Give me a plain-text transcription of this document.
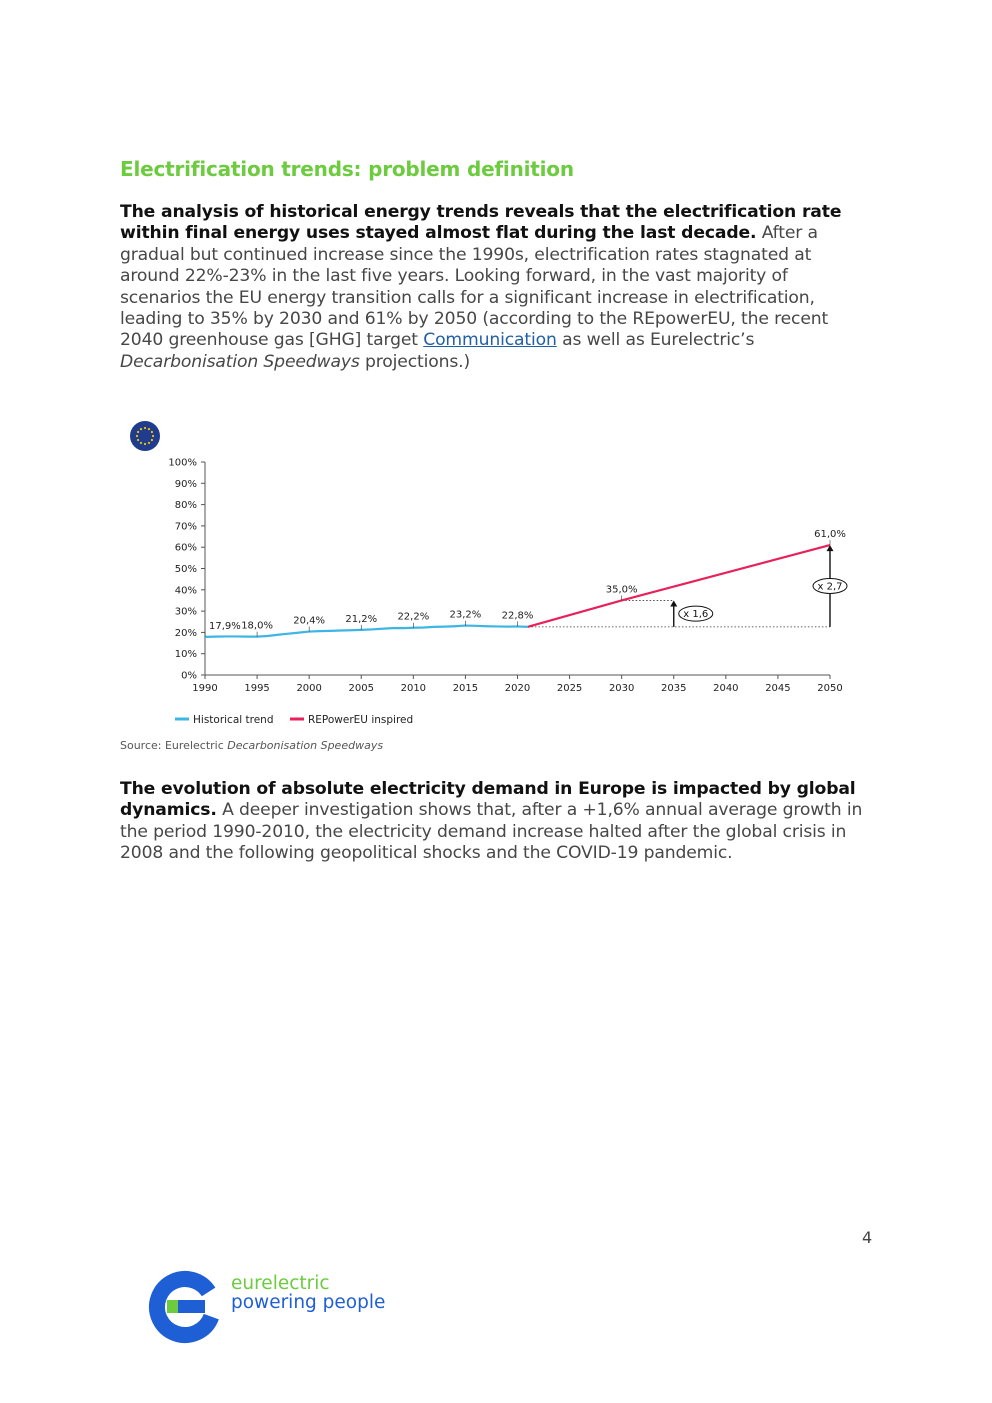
Electrification trends: problem definition

The analysis of historical energy trends reveals that the electrification rate within final energy uses stayed almost flat during the last decade. After a gradual but continued increase since the 1990s, electrification rates stagnated at around 22%-23% in the last five years. Looking forward, in the vast majority of scenarios the EU energy transition calls for a significant increase in electrification, leading to 35% by 2030 and 61% by 2050 (according to the REpowerEU, the recent 2040 greenhouse gas [GHG] target Communication as well as Eurelectric’s Decarbonisation Speedways projections.)

0%
10%
20%
30%
40%
50%
60%
70%
80%
90%
100%
1990	1995	2000	2005	2010	2015	2020	2025	2030	2035	2040	2045	2050
17,9% 18,0% 20,4% 21,2% 22,2% 23,2% 22,8%
35,0%
61,0%
x 1,6
x 2,7
Historical trend	REPowerEU inspired

Source: Eurelectric Decarbonisation Speedways

The evolution of absolute electricity demand in Europe is impacted by global dynamics. A deeper investigation shows that, after a +1,6% annual average growth in the period 1990-2010, the electricity demand increase halted after the global crisis in 2008 and the following geopolitical shocks and the COVID-19 pandemic.

4

eurelectric
powering people
